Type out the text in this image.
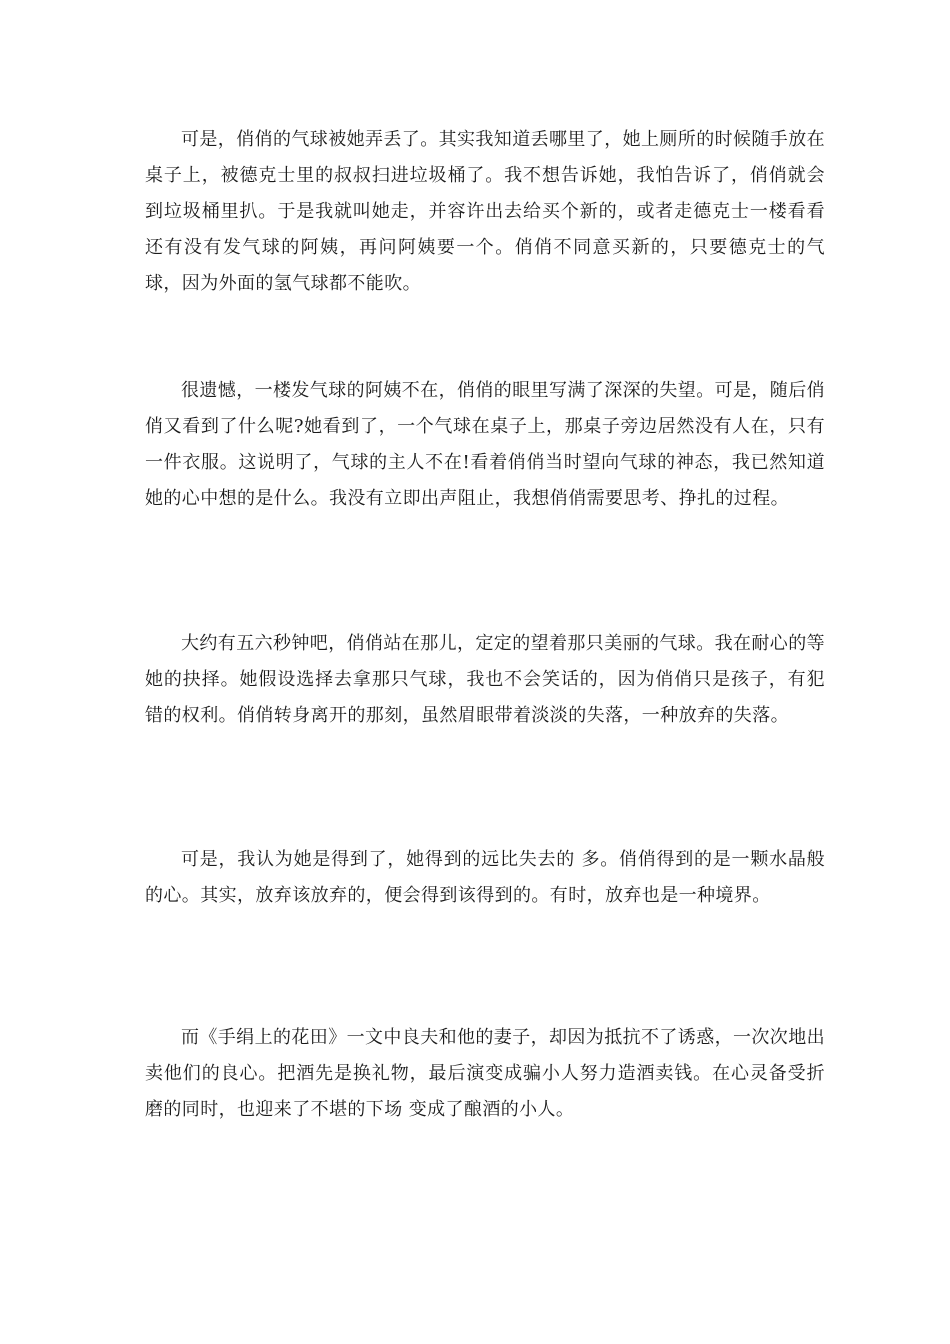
可是，俏俏的气球被她弄丢了。其实我知道丢哪里了，她上厕所的时候随手放在桌子上，被德克士里的叔叔扫进垃圾桶了。我不想告诉她，我怕告诉了，俏俏就会到垃圾桶里扒。于是我就叫她走，并容许出去给买个新的，或者走德克士一楼看看还有没有发气球的阿姨，再问阿姨要一个。俏俏不同意买新的，只要德克士的气球，因为外面的氢气球都不能吹。

很遗憾，一楼发气球的阿姨不在，俏俏的眼里写满了深深的失望。可是，随后俏俏又看到了什么呢?她看到了，一个气球在桌子上，那桌子旁边居然没有人在，只有一件衣服。这说明了，气球的主人不在!看着俏俏当时望向气球的神态，我已然知道她的心中想的是什么。我没有立即出声阻止，我想俏俏需要思考、挣扎的过程。

大约有五六秒钟吧，俏俏站在那儿，定定的望着那只美丽的气球。我在耐心的等她的抉择。她假设选择去拿那只气球，我也不会笑话的，因为俏俏只是孩子，有犯错的权利。俏俏转身离开的那刻，虽然眉眼带着淡淡的失落，一种放弃的失落。

可是，我认为她是得到了，她得到的远比失去的 多。俏俏得到的是一颗水晶般的心。其实，放弃该放弃的，便会得到该得到的。有时，放弃也是一种境界。

而《手绢上的花田》一文中良夫和他的妻子，却因为抵抗不了诱惑，一次次地出卖他们的良心。把酒先是换礼物，最后演变成骗小人努力造酒卖钱。在心灵备受折磨的同时，也迎来了不堪的下场 变成了酿酒的小人。
